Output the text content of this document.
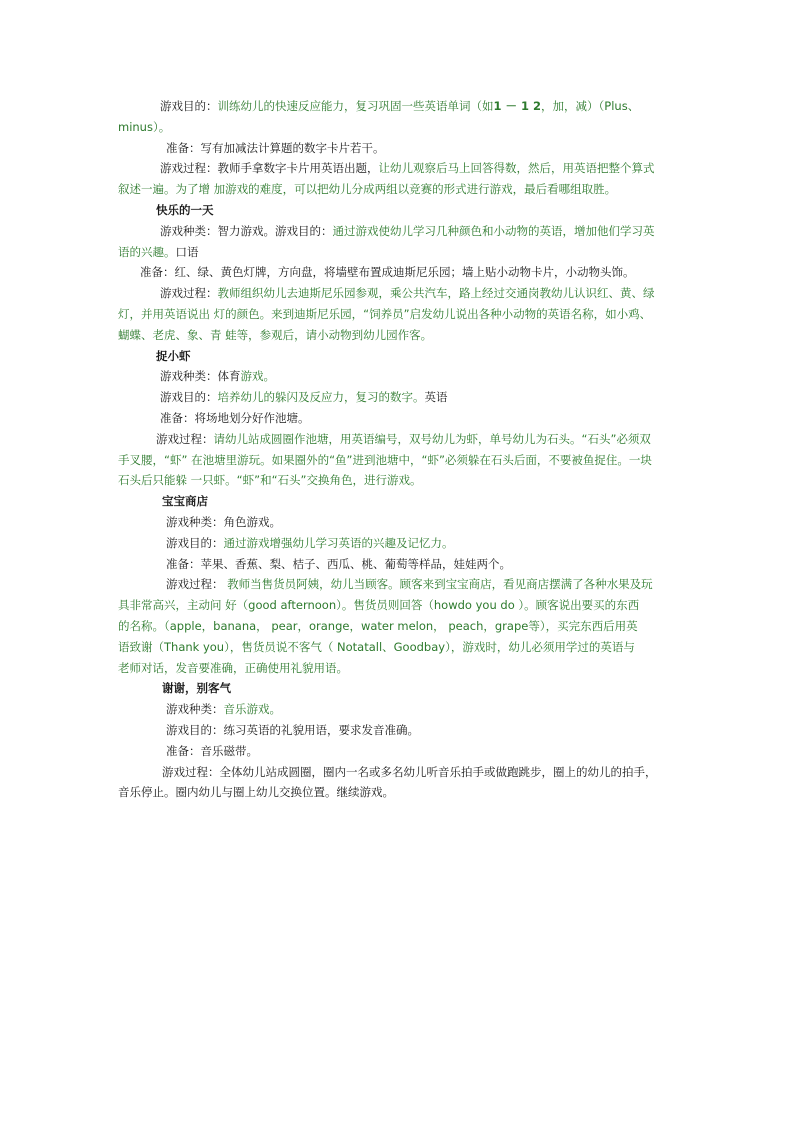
游戏目的：训练幼儿的快速反应能力，复习巩固一些英语单词（如1 － 1 2，加，减）（Plus、

minus）。

准备：写有加减法计算题的数字卡片若干。

游戏过程：教师手拿数字卡片用英语出题，让幼儿观察后马上回答得数，然后，用英语把整个算式

叙述一遍。为了增 加游戏的难度，可以把幼儿分成两组以竞赛的形式进行游戏，最后看哪组取胜。

快乐的一天

游戏种类：智力游戏。游戏目的：通过游戏使幼儿学习几种颜色和小动物的英语，增加他们学习英

语的兴趣。口语

准备：红、绿、黄色灯牌，方向盘，将墙壁布置成迪斯尼乐园；墙上贴小动物卡片，小动物头饰。

游戏过程：教师组织幼儿去迪斯尼乐园参观，乘公共汽车，路上经过交通岗教幼儿认识红、黄、绿

灯，并用英语说出 灯的颜色。来到迪斯尼乐园，“饲养员”启发幼儿说出各种小动物的英语名称，如小鸡、

蝴蝶、老虎、象、青 蛙等，参观后，请小动物到幼儿园作客。

捉小虾

游戏种类：体育游戏。

游戏目的：培养幼儿的躲闪及反应力，复习的数字。英语

准备：将场地划分好作池塘。

游戏过程：请幼儿站成圆圈作池塘，用英语编号，双号幼儿为虾，单号幼儿为石头。“石头”必须双

手叉腰，“虾” 在池塘里游玩。如果圈外的“鱼”进到池塘中，“虾”必须躲在石头后面，不要被鱼捉住。一块

石头后只能躲 一只虾。“虾”和“石头”交换角色，进行游戏。

宝宝商店

游戏种类：角色游戏。

游戏目的：通过游戏增强幼儿学习英语的兴趣及记忆力。

准备：苹果、香蕉、梨、桔子、西瓜、桃、葡萄等样品，娃娃两个。

游戏过程： 教师当售货员阿姨，幼儿当顾客。顾客来到宝宝商店，看见商店摆满了各种水果及玩

具非常高兴，主动问 好（good afternoon）。售货员则回答（howdo you do ）。顾客说出要买的东西

的名称。（apple，banana， pear，orange，water melon， peach，grape等），买完东西后用英

语致谢（Thank you），售货员说不客气（ Notatall、Goodbay），游戏时，幼儿必须用学过的英语与

老师对话，发音要准确，正确使用礼貌用语。

谢谢，别客气

游戏种类：音乐游戏。

游戏目的：练习英语的礼貌用语，要求发音准确。

准备：音乐磁带。

游戏过程：全体幼儿站成圆圈，圈内一名或多名幼儿听音乐拍手或做跑跳步，圈上的幼儿的拍手，

音乐停止。圈内幼儿与圈上幼儿交换位置。继续游戏。
